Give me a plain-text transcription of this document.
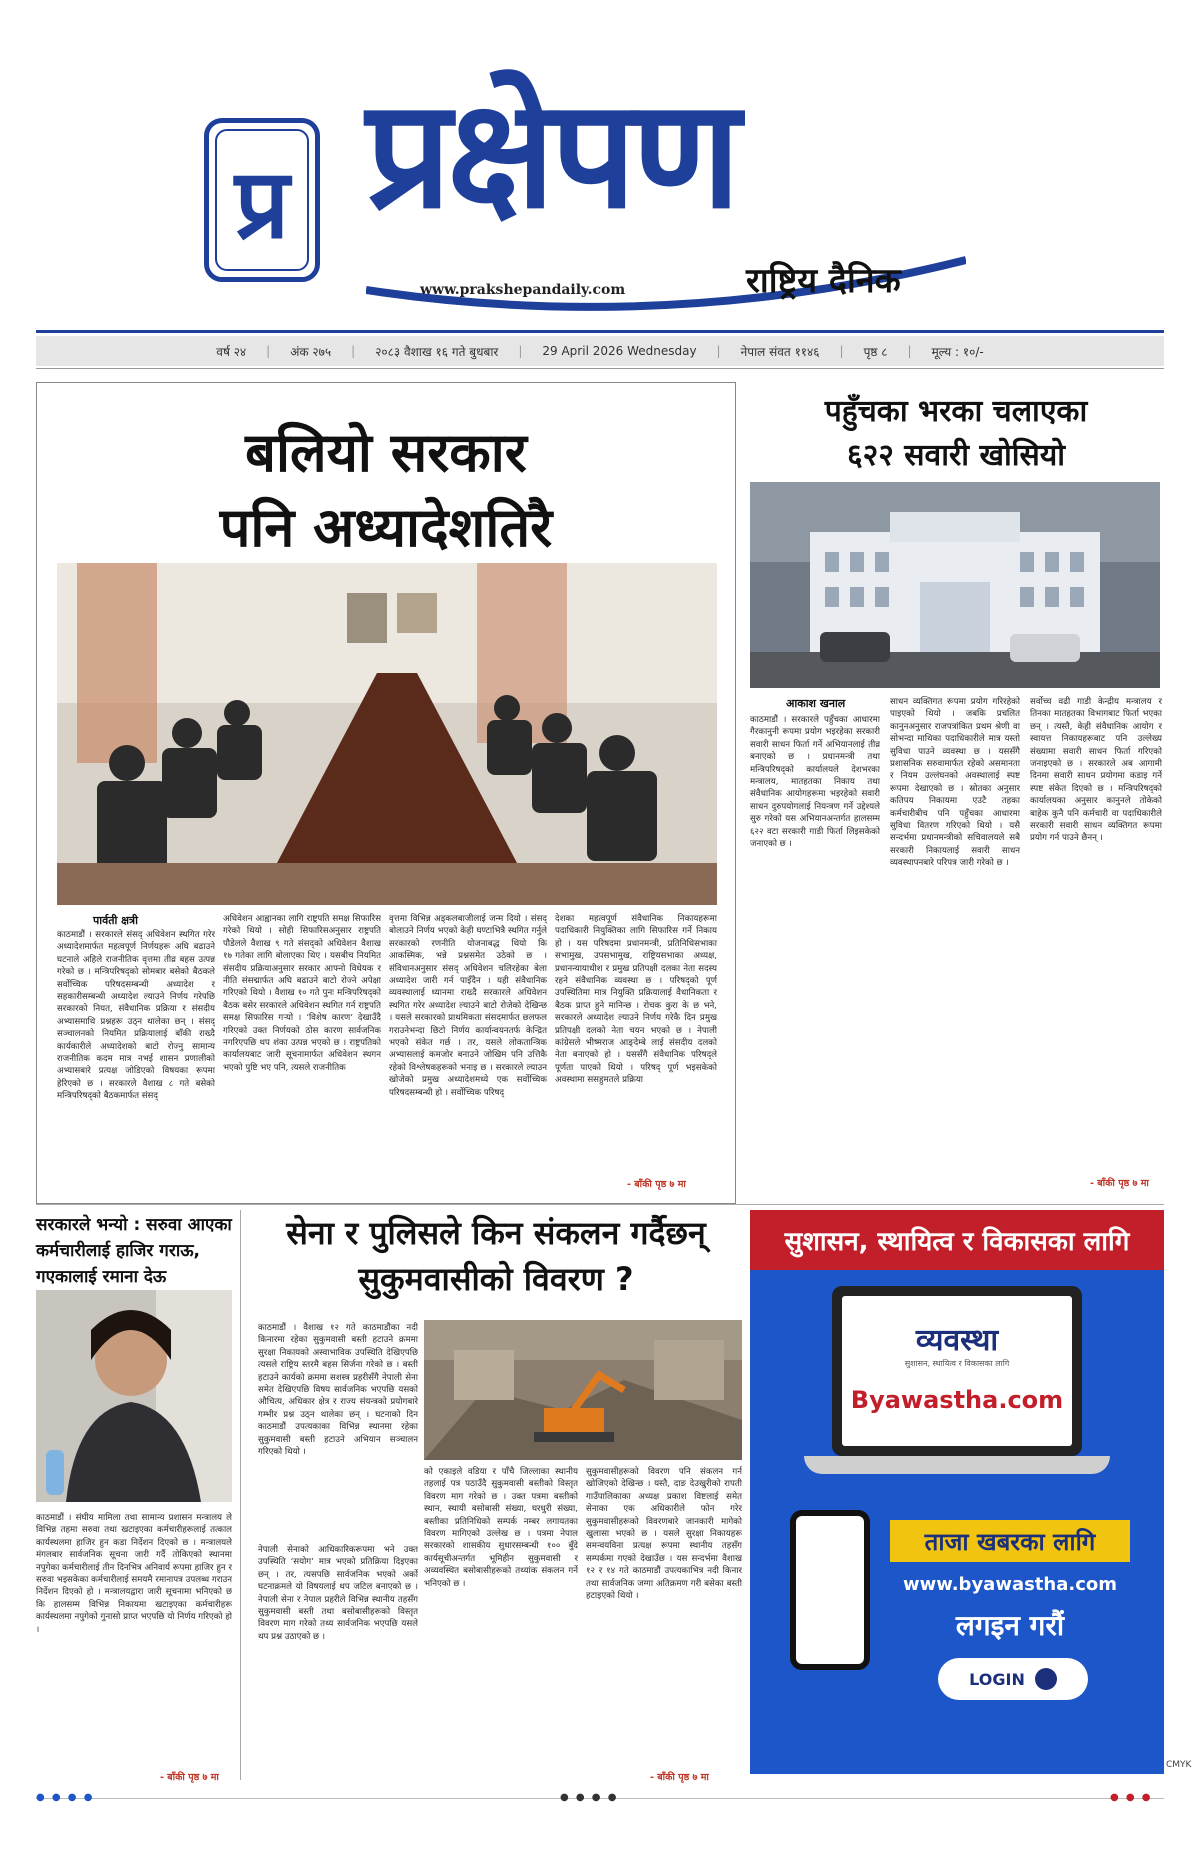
प्र प्रक्षेपण
राष्ट्रिय दैनिक
www.prakshepandaily.com
वर्ष २४ | अंक २७५ | २०८३ वैशाख १६ गते बुधबार | 29 April 2026 Wednesday | नेपाल संवत ११४६ | पृष्ठ ८ | मूल्य : १०/-
बलियो सरकार
पनि अध्यादेशतिरै
पार्वती क्षत्री
काठमाडौं । सरकारले संसद् अधिवेशन स्थगित गरेर अध्यादेशमार्फत महत्वपूर्ण निर्णयहरू अघि बढाउने घटनाले अहिले राजनीतिक वृत्तमा तीव्र बहस उत्पन्न गरेको छ । मन्त्रिपरिषद्को सोमबार बसेको बैठकले सर्वोच्चिक परिषदसम्बन्धी अध्यादेश र सहकारीसम्बन्धी अध्यादेश ल्याउने निर्णय गरेपछि सरकारको नियत, संवैधानिक प्रक्रिया र संसदीय अभ्यासमाथि प्रश्नहरू उठ्न थालेका छन् । संसद् सञ्चालनको नियमित प्रक्रियालाई बाँकी राख्दै कार्यकारीले अध्यादेशको बाटो रोज्नु सामान्य राजनीतिक कदम मात्र नभई शासन प्रणालीको अभ्यासबारे प्रत्यक्ष जोडिएको विषयका रूपमा हेरिएको छ । सरकारले वैशाख ८ गते बसेको मन्त्रिपरिषद्को बैठकमार्फत संसद्
अधिवेशन आह्वानका लागि राष्ट्रपति समक्ष सिफारिस गरेको थियो । सोही सिफारिसअनुसार राष्ट्रपति पौडेलले वैशाख ९ गते संसद्को अधिवेशन वैशाख १७ गतेका लागि बोलाएका थिए । यसबीच नियमित संसदीय प्रक्रियाअनुसार सरकार आफ्नो विधेयक र नीति संसद्मार्फत अघि बढाउने बाटो रोज्ने अपेक्षा गरिएको थियो । वैशाख १० गते पुनः मन्त्रिपरिषद्को बैठक बसेर सरकारले अधिवेशन स्थगित गर्न राष्ट्रपति समक्ष सिफारिस गर्‍यो । ‘विशेष कारण’ देखाउँदै गरिएको उक्त निर्णयको ठोस कारण सार्वजनिक नगरिएपछि थप शंका उत्पन्न भएको छ । राष्ट्रपतिको कार्यालयबाट जारी सूचनामार्फत अधिवेशन स्थगन भएको पुष्टि भए पनि, त्यसले राजनीतिक
वृत्तमा विभिन्न अड्कलबाजीलाई जन्म दियो । संसद् बोलाउने निर्णय भएको केही घण्टाभित्रै स्थगित गर्नुले सरकारको रणनीति योजनाबद्ध थियो कि आकस्मिक, भन्ने प्रश्नसमेत उठेको छ । संविधानअनुसार संसद् अधिवेशन चलिरहेका बेला अध्यादेश जारी गर्न पाइँदैन । यही संवैधानिक व्यवस्थालाई ध्यानमा राख्दै सरकारले अधिवेशन स्थगित गरेर अध्यादेश ल्याउने बाटो रोजेको देखिन्छ । यसले सरकारको प्राथमिकता संसदमार्फत छलफल गराउनेभन्दा छिटो निर्णय कार्यान्वयनतर्फ केन्द्रित भएको संकेत गर्छ । तर, यसले लोकतान्त्रिक अभ्यासलाई कमजोर बनाउने जोखिम पनि उत्तिकै रहेको विश्लेषकहरूको भनाइ छ । सरकारले ल्याउन खोजेको प्रमुख अध्यादेशमध्ये एक सर्वोच्चिक परिषदसम्बन्धी हो । सर्वोच्चिक परिषद्
देशका महत्वपूर्ण संवैधानिक निकायहरूमा पदाधिकारी नियुक्तिका लागि सिफारिस गर्ने निकाय हो । यस परिषदमा प्रधानमन्त्री, प्रतिनिधिसभाका सभामुख, उपसभामुख, राष्ट्रियसभाका अध्यक्ष, प्रधानन्यायाधीश र प्रमुख प्रतिपक्षी दलका नेता सदस्य रहने संवैधानिक व्यवस्था छ । परिषद्को पूर्ण उपस्थितिमा मात्र नियुक्ति प्रक्रियालाई वैधानिकता र बैठक प्राप्त हुने मानिन्छ । रोचक कुरा के छ भने, सरकारले अध्यादेश ल्याउने निर्णय गरेकै दिन प्रमुख प्रतिपक्षी दलको नेता चयन भएको छ । नेपाली कांग्रेसले भीष्मराज आङ्देम्बे लाई संसदीय दलको नेता बनाएको हो । यससँगै संवैधानिक परिषद्ले पूर्णता पाएको थियो । परिषद् पूर्ण भइसकेको अवस्थामा ससहुमतले प्रक्रिया
- बाँकी पृष्ठ ७ मा
पहुँचका भरका चलाएका
६२२ सवारी खोसियो
आकाश खनाल
काठमाडौं । सरकारले पहुँचका आधारमा गैरकानुनी रूपमा प्रयोग भइरहेका सरकारी सवारी साधन फिर्ता गर्ने अभियानलाई तीव्र बनाएको छ । प्रधानमन्त्री तथा मन्त्रिपरिषद्को कार्यालयले देशभरका मन्त्रालय, मातहतका निकाय तथा संवैधानिक आयोगहरूमा भइरहेको सवारी साधन दुरुपयोगलाई नियन्त्रण गर्ने उद्देश्यले सुरु गरेको यस अभियानअन्तर्गत हालसम्म ६२२ वटा सरकारी गाडी फिर्ता लिइसकेको जनाएको छ ।
साधन व्यक्तिगत रूपमा प्रयोग गरिरहेको पाइएको थियो । जबकि प्रचलित कानुनअनुसार राजपत्रांकित प्रथम श्रेणी वा सोभन्दा माथिका पदाधिकारीले मात्र यस्तो सुविधा पाउने व्यवस्था छ । यससँगै प्रशासनिक सरुवामार्फत रहेको असमानता र नियम उल्लंघनको अवस्थालाई स्पष्ट रूपमा देखाएको छ । स्रोतका अनुसार कतिपय निकायमा एउटै तहका कर्मचारीबीच पनि पहुँचका आधारमा सुविधा वितरण गरिएको थियो । यसै सन्दर्भमा प्रधानमन्त्रीको सचिवालयले सबै सरकारी निकायलाई सवारी साधन व्यवस्थापनबारे परिपत्र जारी गरेको छ ।
सर्वोच्च वढी गाडी केन्द्रीय मन्त्रालय र तिनका मातहतका विभागबाट फिर्ता भएका छन् । त्यस्तै, केही संवैधानिक आयोग र स्वायत्त निकायहरूबाट पनि उल्लेख्य संख्यामा सवारी साधन फिर्ता गरिएको जनाइएको छ । सरकारले अब आगामी दिनमा सवारी साधन प्रयोगमा कडाइ गर्ने स्पष्ट संकेत दिएको छ । मन्त्रिपरिषद्को कार्यालयका अनुसार कानुनले तोकेको बाहेक कुनै पनि कर्मचारी वा पदाधिकारीले सरकारी सवारी साधन व्यक्तिगत रूपमा प्रयोग गर्न पाउने छैनन् ।
- बाँकी पृष्ठ ७ मा
सरकारले भन्यो : सरुवा आएका कर्मचारीलाई हाजिर गराऊ, गएकालाई रमाना देऊ
काठमाडौं । संघीय मामिला तथा सामान्य प्रशासन मन्त्रालय ले विभिन्न तहमा सरुवा तथा खटाइएका कर्मचारीहरूलाई तत्काल कार्यस्थलमा हाजिर हुन कडा निर्देशन दिएको छ । मन्त्रालयले मंगलबार सार्वजनिक सूचना जारी गर्दै तोकिएको स्थानमा नपुगेका कर्मचारीलाई तीन दिनभित्र अनिवार्य रूपमा हाजिर हुन र सरुवा भइसकेका कर्मचारीलाई समयमै रमानापत्र उपलब्ध गराउन निर्देशन दिएको हो । मन्त्रालयद्वारा जारी सूचनामा भनिएको छ कि हालसम्म विभिन्न निकायमा खटाइएका कर्मचारीहरू कार्यस्थलमा नपुगेको गुनासो प्राप्त भएपछि यो निर्णय गरिएको हो ।
- बाँकी पृष्ठ ७ मा
सेना र पुलिसले किन संकलन गर्दैछन्
सुकुमवासीको विवरण ?
काठमाडौं । वैशाख १२ गते काठमाडौंका नदी किनारमा रहेका सुकुमवासी बस्ती हटाउने क्रममा सुरक्षा निकायको अस्वाभाविक उपस्थिति देखिएपछि त्यसले राष्ट्रिय स्तरमै बहस सिर्जना गरेको छ । बस्ती हटाउने कार्यको क्रममा सशस्त्र प्रहरीसँगै नेपाली सेना समेत देखिएपछि विषय सार्वजनिक भएपछि यसको औचित्य, अधिकार क्षेत्र र राज्य संयन्त्रको प्रयोगबारे गम्भीर प्रश्न उठ्न थालेका छन् । घटनाको दिन काठमाडौं उपत्यकाका विभिन्न स्थानमा रहेका सुकुमवासी बस्ती हटाउने अभियान सञ्चालन गरिएको थियो ।
नेपाली सेनाको आधिकारिकरूपमा भने उक्त उपस्थिति ‘सयोग’ मात्र भएको प्रतिक्रिया दिइएका छन् । तर, त्यसपछि सार्वजनिक भएको अर्को घटनाक्रमले यो विषयलाई थप जटिल बनाएको छ । नेपाली सेना र नेपाल प्रहरीले विभिन्न स्थानीय तहसँग सुकुमवासी बस्ती तथा बसोबासीहरूको विस्तृत विवरण माग गरेको तथ्य सार्वजनिक भएपछि यसले थप प्रश्न उठाएको छ ।
को एकाइले वडिया र पाँचै जिल्लाका स्थानीय तहलाई पत्र पठाउँदै सुकुमवासी बस्तीको विस्तृत विवरण माग गरेको छ । उक्त पत्रमा बस्तीको स्थान, स्थायी बसोबासी संख्या, घरधुरी संख्या, बस्तीका प्रतिनिधिको सम्पर्क नम्बर लगायतका विवरण मागिएको उल्लेख छ । पत्रमा नेपाल सरकारको शासकीय सुधारसम्बन्धी १०० बुँदे कार्यसूचीअन्तर्गत भूमिहीन सुकुमवासी र अव्यवस्थित बसोबासीहरूको तथ्यांक संकलन गर्ने भनिएको छ ।
सुकुमवासीहरूको विवरण पनि संकलन गर्न खोजिएको देखिन्छ । यस्तै, दाङ देउखुरीको रापती गाउँपालिकाका अध्यक्ष प्रकाश विष्टलाई समेत सेनाका एक अधिकारीले फोन गरेर सुकुमवासीहरूको विवरणबारे जानकारी मागेको खुलासा भएको छ । यसले सुरक्षा निकायहरू समन्वयविना प्रत्यक्ष रूपमा स्थानीय तहसँग सम्पर्कमा गएको देखाउँछ । यस सन्दर्भमा वैशाख १२ र १४ गते काठमाडौं उपत्यकाभित्र नदी किनार तथा सार्वजनिक जग्गा अतिक्रमण गरी बसेका बस्ती हटाइएको थियो ।
- बाँकी पृष्ठ ७ मा
सुशासन, स्थायित्व र विकासका लागि
व्यवस्था
सुशासन, स्थायित्व र विकासका लागि
Byawastha.com
ताजा खबरका लागि
www.byawastha.com
लगइन गरौं
LOGIN
● ● ● ●	● ● ● ●	● ● ●
CMYK
